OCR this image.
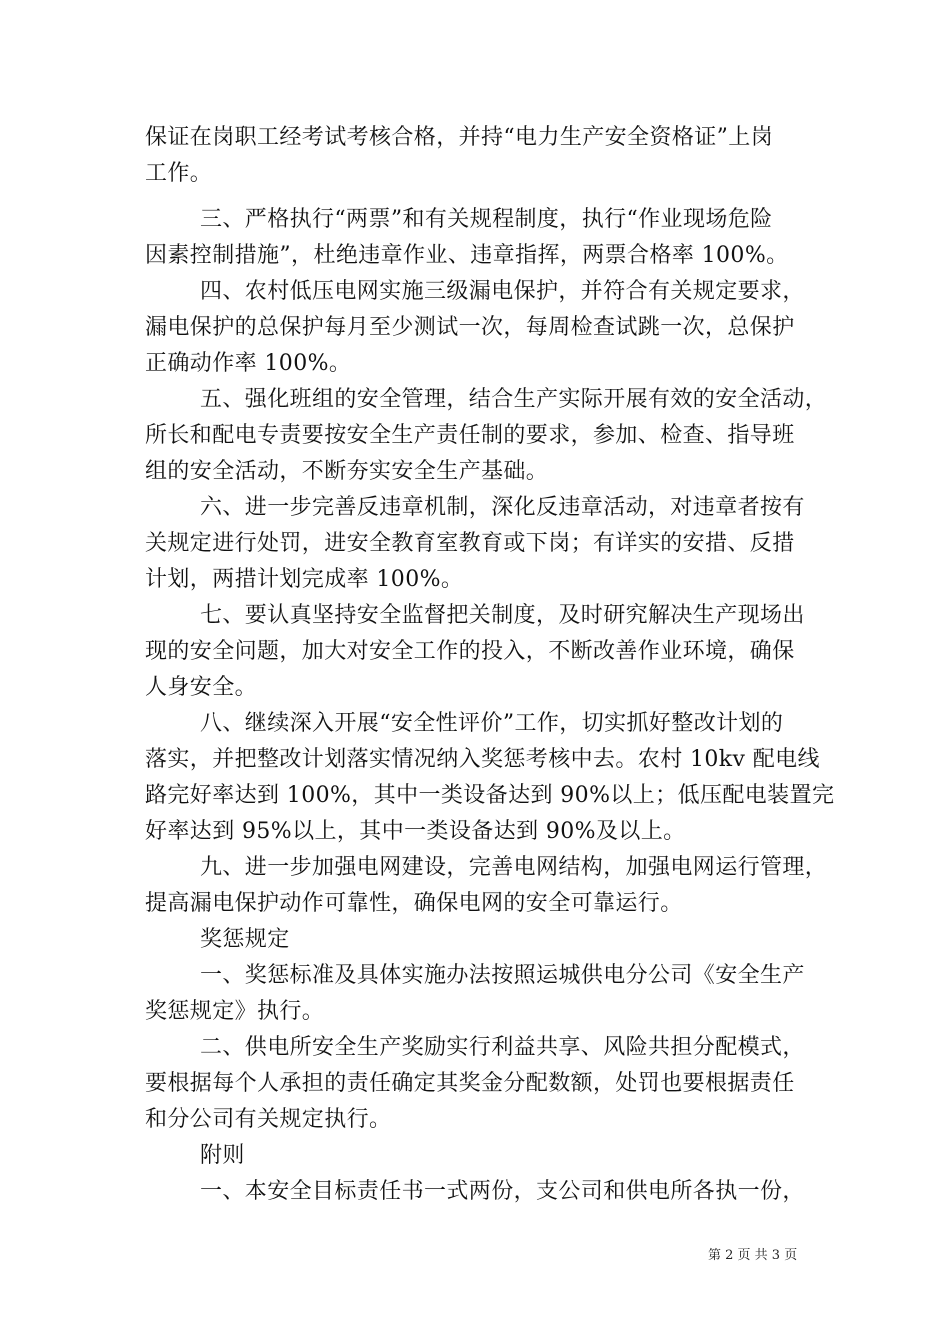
保证在岗职工经考试考核合格，并持“电力生产安全资格证”上岗
工作。
三、严格执行“两票”和有关规程制度，执行“作业现场危险
因素控制措施”，杜绝违章作业、违章指挥，两票合格率 100%。
四、农村低压电网实施三级漏电保护，并符合有关规定要求，
漏电保护的总保护每月至少测试一次，每周检查试跳一次，总保护
正确动作率 100%。
五、强化班组的安全管理，结合生产实际开展有效的安全活动，
所长和配电专责要按安全生产责任制的要求，参加、检查、指导班
组的安全活动，不断夯实安全生产基础。
六、进一步完善反违章机制，深化反违章活动，对违章者按有
关规定进行处罚，进安全教育室教育或下岗；有详实的安措、反措
计划，两措计划完成率 100%。
七、要认真坚持安全监督把关制度，及时研究解决生产现场出
现的安全问题，加大对安全工作的投入，不断改善作业环境，确保
人身安全。
八、继续深入开展“安全性评价”工作，切实抓好整改计划的
落实，并把整改计划落实情况纳入奖惩考核中去。农村 10kv 配电线
路完好率达到 100%，其中一类设备达到 90%以上；低压配电装置完
好率达到 95%以上，其中一类设备达到 90%及以上。
九、进一步加强电网建设，完善电网结构，加强电网运行管理，
提高漏电保护动作可靠性，确保电网的安全可靠运行。
奖惩规定
一、奖惩标准及具体实施办法按照运城供电分公司《安全生产
奖惩规定》执行。
二、供电所安全生产奖励实行利益共享、风险共担分配模式，
要根据每个人承担的责任确定其奖金分配数额，处罚也要根据责任
和分公司有关规定执行。
附则
一、本安全目标责任书一式两份，支公司和供电所各执一份，
第 2 页 共 3 页
